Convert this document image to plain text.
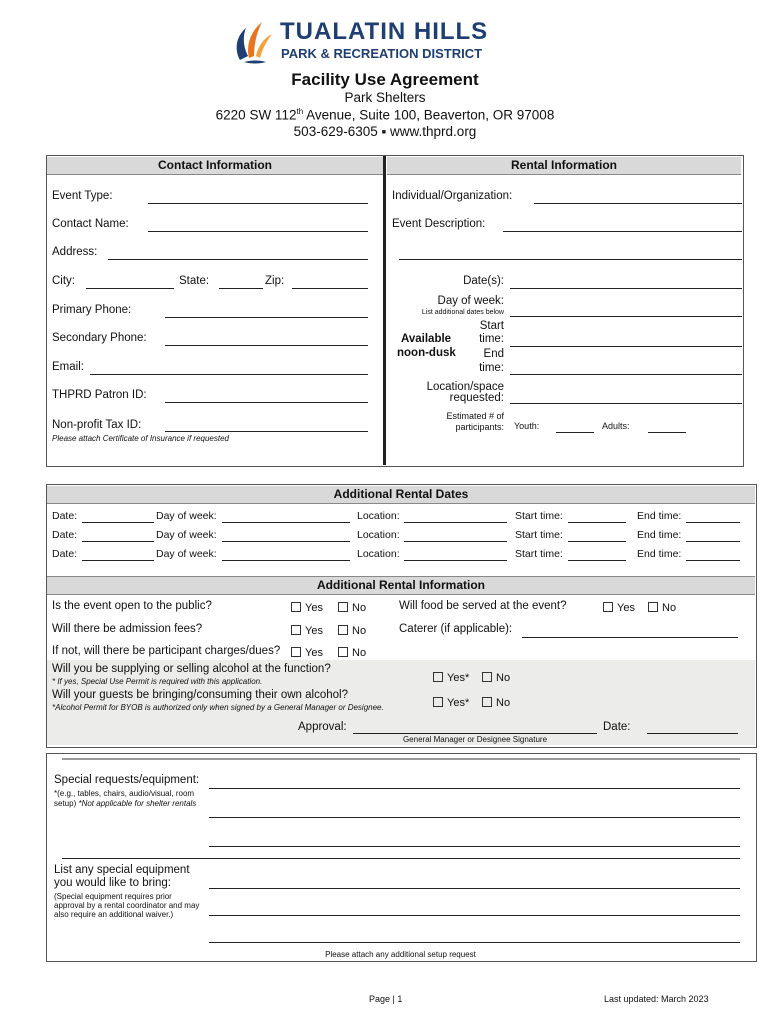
TUALATIN HILLS
PARK & RECREATION DISTRICT
Facility Use Agreement
Park Shelters
6220 SW 112th Avenue, Suite 100, Beaverton, OR 97008
503-629-6305 ▪ www.thprd.org
Contact Information	Rental Information
Event Type:
Contact Name:
Address:
City:	State:	Zip:
Primary Phone:
Secondary Phone:
Email:
THPRD Patron ID:
Non-profit Tax ID:
Please attach Certificate of Insurance if requested
Individual/Organization:
Event Description:
Date(s):
Day of week:
List additional dates below
Available
noon-dusk
Start
time:
End
time:
Location/space
requested:
Estimated # of
participants: Youth:	Adults:
Additional Rental Dates
Date:	Day of week:	Location:	Start time:	End time:
Date:	Day of week:	Location:	Start time:	End time:
Date:	Day of week:	Location:	Start time:	End time:
Additional Rental Information
Is the event open to the public?	Yes	No	Will food be served at the event?	Yes	No
Will there be admission fees?	Yes	No	Caterer (if applicable):
If not, will there be participant charges/dues?	Yes	No
Will you be supplying or selling alcohol at the function?
* If yes, Special Use Permit is required with this application.	Yes*	No
Will your guests be bringing/consuming their own alcohol?
*Alcohol Permit for BYOB is authorized only when signed by a General Manager or Designee.	Yes*	No
Approval:
General Manager or Designee Signature
Date:
Special requests/equipment:
*(e.g., tables, chairs, audio/visual, room
setup) *Not applicable for shelter rentals
List any special equipment
you would like to bring:
(Special equipment requires prior
approval by a rental coordinator and may
also require an additional waiver.)
Please attach any additional setup request
Page | 1	Last updated: March 2023
